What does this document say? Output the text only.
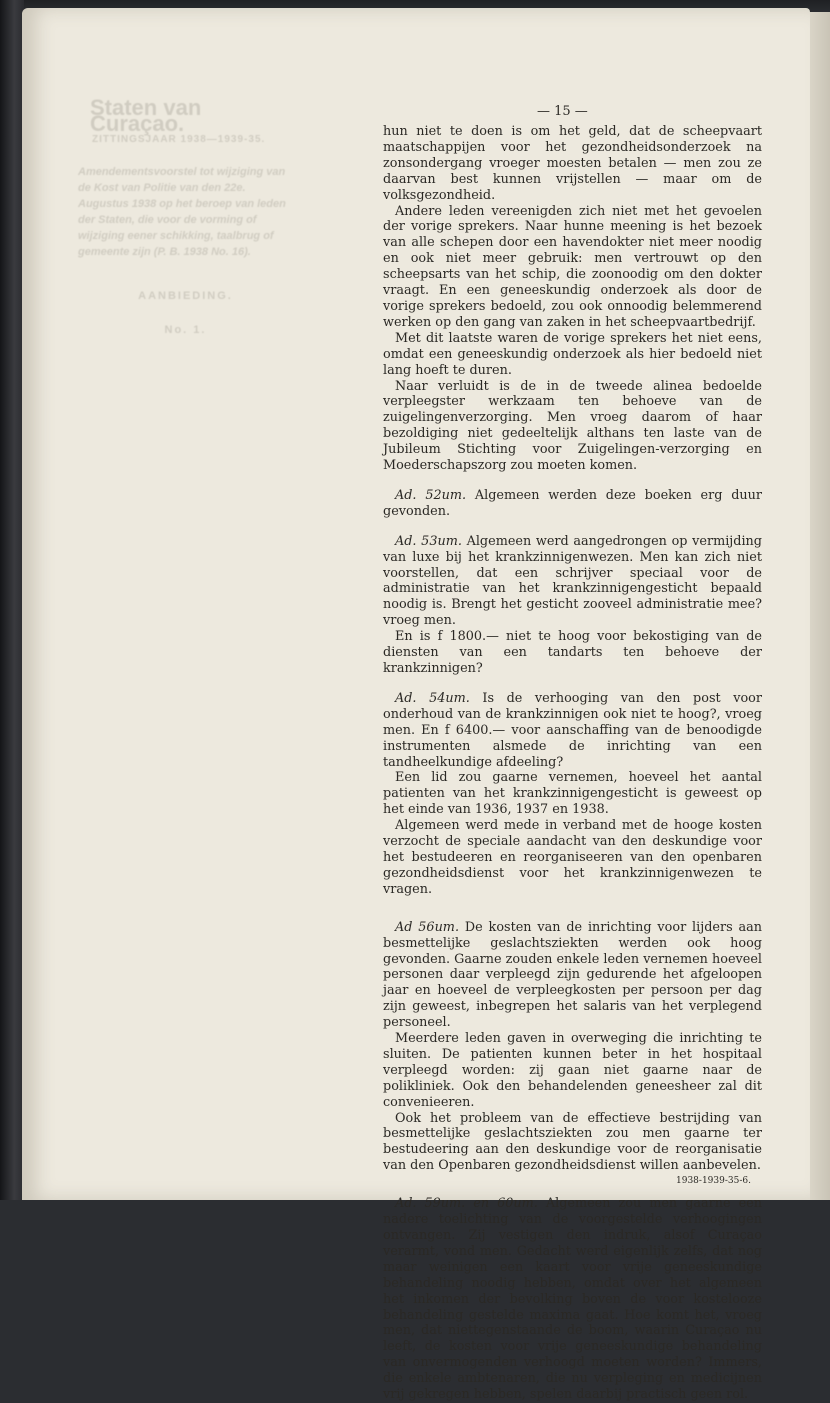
Staten van Curaçao.
ZITTINGSJAAR 1938—1939-35.
Amendementsvoorstel tot wijziging van de Kost van Politie van den 22e. Augustus 1938 op het beroep van leden der Staten, die voor de vorming of wijziging eener schikking, taalbrug of gemeente zijn (P. B. 1938 No. 16).
AANBIEDING.
No. 1.
— 15 —

hun niet te doen is om het geld, dat de scheepvaart maatschappijen voor het gezondheidsonderzoek na zonsondergang vroeger moesten betalen — men zou ze daarvan best kunnen vrijstellen — maar om de volksgezondheid.

Andere leden vereenigden zich niet met het gevoelen der vorige sprekers. Naar hunne meening is het bezoek van alle schepen door een havendokter niet meer noodig en ook niet meer gebruik: men vertrouwt op den scheepsarts van het schip, die zoonoodig om den dokter vraagt. En een geneeskundig onderzoek als door de vorige sprekers bedoeld, zou ook onnoodig belemmerend werken op den gang van zaken in het scheepvaartbedrijf.

Met dit laatste waren de vorige sprekers het niet eens, omdat een geneeskundig onderzoek als hier bedoeld niet lang hoeft te duren.

Naar verluidt is de in de tweede alinea bedoelde verpleegster werkzaam ten behoeve van de zuigelingenverzorging. Men vroeg daarom of haar bezoldiging niet gedeeltelijk althans ten laste van de Jubileum Stichting voor Zuigelingen-verzorging en Moederschapszorg zou moeten komen.

Ad. 52um. Algemeen werden deze boeken erg duur gevonden.

Ad. 53um. Algemeen werd aangedrongen op vermijding van luxe bij het krankzinnigenwezen. Men kan zich niet voorstellen, dat een schrijver speciaal voor de administratie van het krankzinnigengesticht bepaald noodig is. Brengt het gesticht zooveel administratie mee? vroeg men.

En is f 1800.— niet te hoog voor bekostiging van de diensten van een tandarts ten behoeve der krankzinnigen?

Ad. 54um. Is de verhooging van den post voor onderhoud van de krankzinnigen ook niet te hoog?, vroeg men. En f 6400.— voor aanschaffing van de benoodigde instrumenten alsmede de inrichting van een tandheelkundige afdeeling?

Een lid zou gaarne vernemen, hoeveel het aantal patienten van het krankzinnigengesticht is geweest op het einde van 1936, 1937 en 1938.

Algemeen werd mede in verband met de hooge kosten verzocht de speciale aandacht van den deskundige voor het bestudeeren en reorganiseeren van den openbaren gezondheidsdienst voor het krankzinnigenwezen te vragen.

Ad 56um. De kosten van de inrichting voor lijders aan besmettelijke geslachtsziekten werden ook hoog gevonden. Gaarne zouden enkele leden vernemen hoeveel personen daar verpleegd zijn gedurende het afgeloopen jaar en hoeveel de verpleegkosten per persoon per dag zijn geweest, inbegrepen het salaris van het verplegend personeel.

Meerdere leden gaven in overweging die inrichting te sluiten. De patienten kunnen beter in het hospitaal verpleegd worden: zij gaan niet gaarne naar de polikliniek. Ook den behandelenden geneesheer zal dit convenieeren.

Ook het probleem van de effectieve bestrijding van besmettelijke geslachtsziekten zou men gaarne ter bestudeering aan den deskundige voor de reorganisatie van den Openbaren gezondheidsdienst willen aanbevelen.

Ad. 59um. en 60um. Algemeen zou men gaarne een nadere toelichting van de voorgestelde verhoogingen ontvangen. Zij vestigen den indruk, alsof Curaçao verarmt, vond men. Gedacht werd eigenlijk zelfs, dat nog maar weinigen een kaart voor vrije geneeskundige behandeling noodig hebben, omdat over het algemeen het inkomen der bevolking boven de voor kostelooze behandeling gestelde maxima gaat. Hoe komt het, vroeg men, dat niettegenstaande de boom, waarin Curaçao nu leeft, de kosten voor vrije geneeskundige behandeling van onvermogenden verhoogd moeten worden? Immers, die enkele ambtenaren, die nu verpleging en medicijnen vrij gekregen hebben, spelen daarbij practisch geen rol.

1938-1939-35-6.
